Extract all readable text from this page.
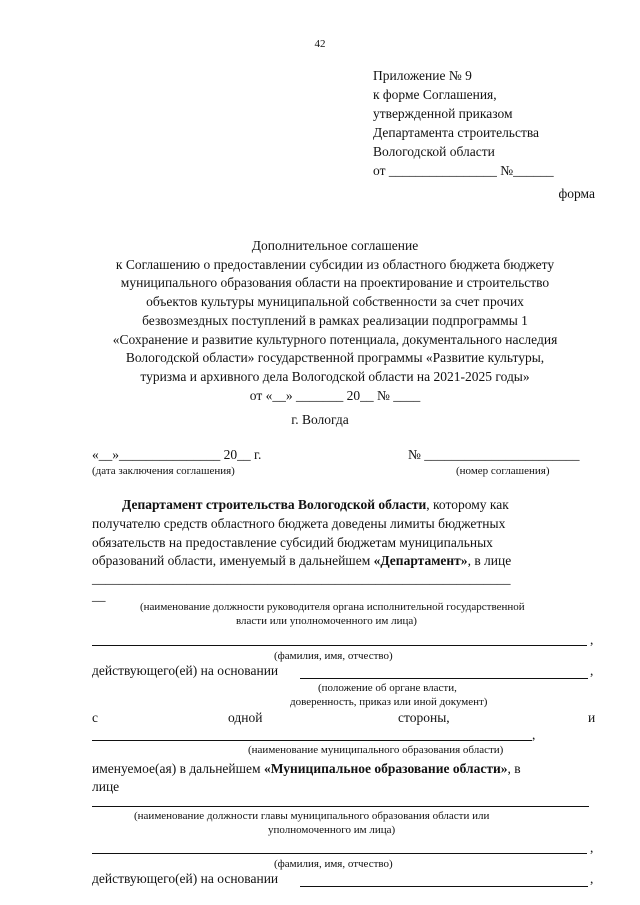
42
Приложение № 9
к форме Соглашения,
утвержденной приказом
Департамента строительства
Вологодской области
от ________________ №______
форма
Дополнительное соглашение
к Соглашению о предоставлении субсидии из областного бюджета бюджету
муниципального образования области на проектирование и строительство
объектов культуры муниципальной собственности за счет прочих
безвозмездных поступлений в рамках реализации подпрограммы 1
«Сохранение и развитие культурного потенциала, документального наследия
Вологодской области» государственной программы «Развитие культуры,
туризма и архивного дела Вологодской области на 2021-2025 годы»
от «__» _______ 20__ № ____
г. Вологда
«__»_______________ 20__ г.	№ _______________________
(дата заключения соглашения)	(номер соглашения)
Департамент строительства Вологодской области, которому как
получателю средств областного бюджета доведены лимиты бюджетных
обязательств на предоставление субсидий бюджетам муниципальных
образований области, именуемый в дальнейшем «Департамент», в лице
______________________________________________________________
__
(наименование должности руководителя органа исполнительной государственной
власти или уполномоченного им лица)
,
(фамилия, имя, отчество)
действующего(ей) на основании	,
(положение об органе власти,
доверенность, приказ или иной документ)
с	одной	стороны,	и
,
(наименование муниципального образования области)
именуемое(ая) в дальнейшем «Муниципальное образование области», в
лице
(наименование должности главы муниципального образования области или
уполномоченного им лица)
,
(фамилия, имя, отчество)
действующего(ей) на основании	,
